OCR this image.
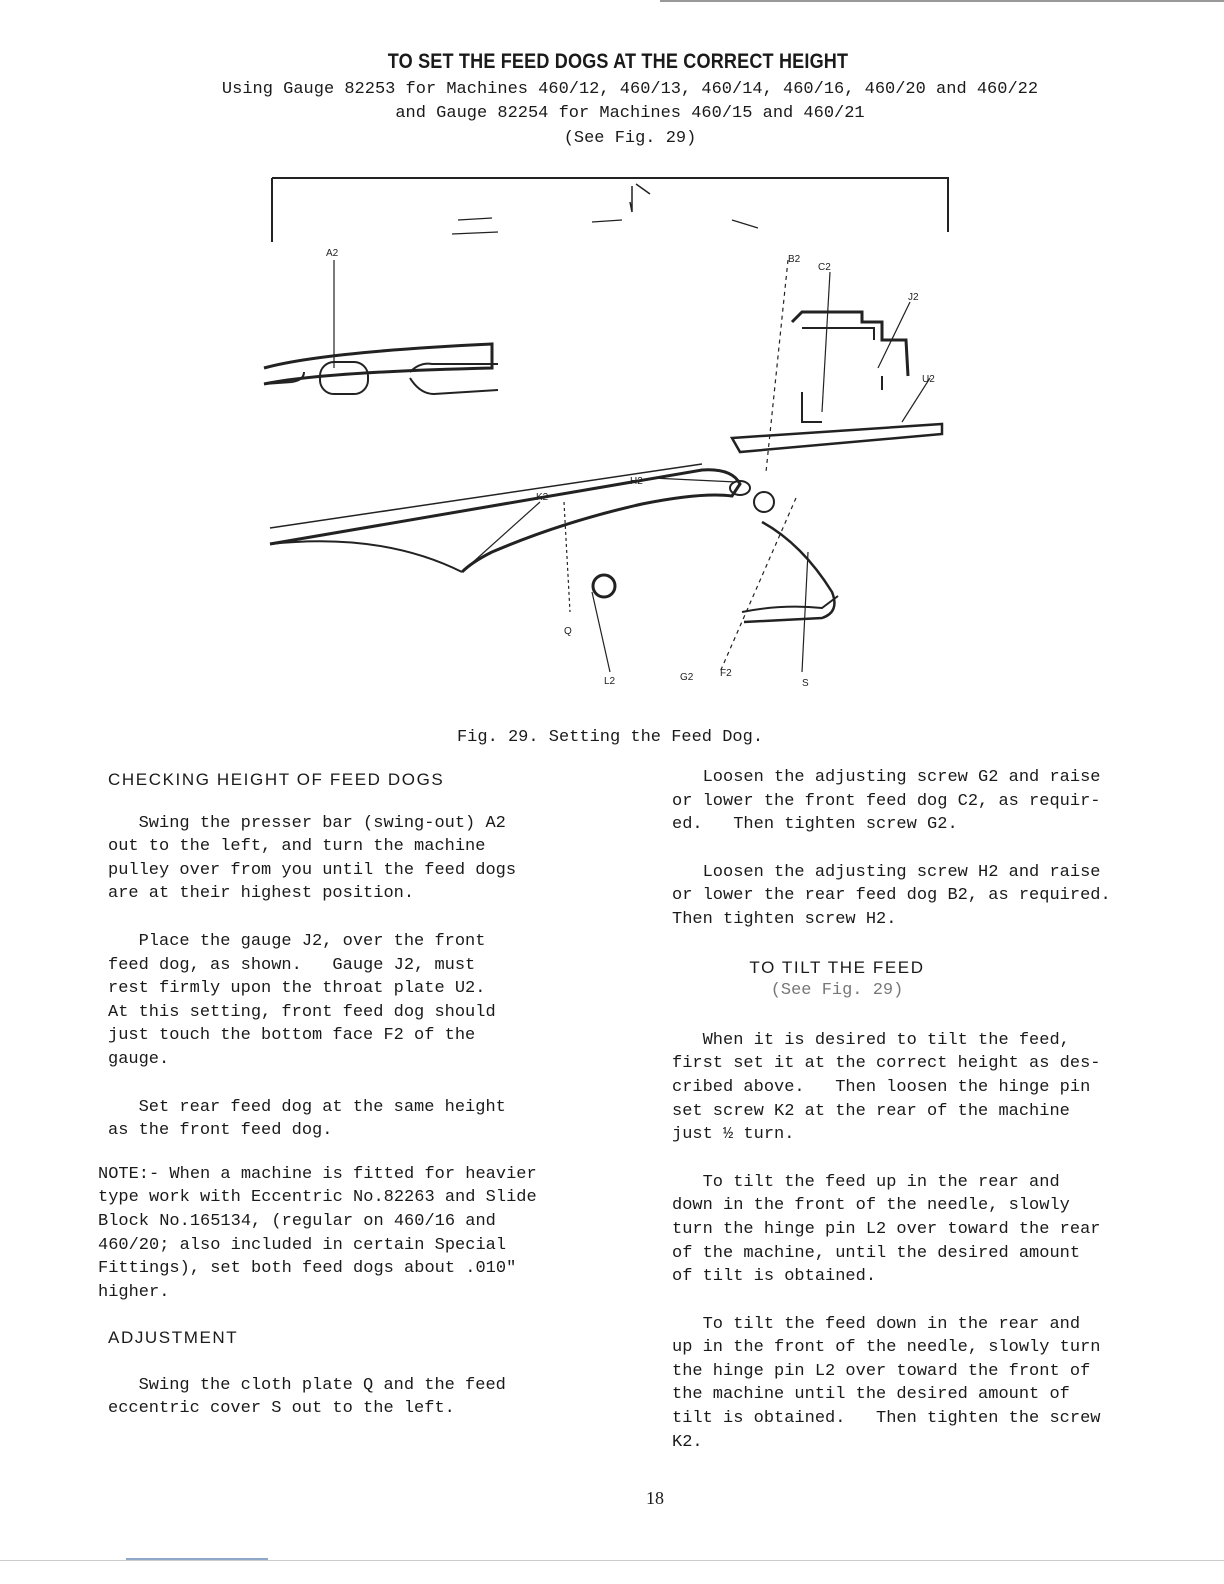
TO SET THE FEED DOGS AT THE CORRECT HEIGHT
Using Gauge 82253 for Machines 460/12, 460/13, 460/14, 460/16, 460/20 and 460/22
and Gauge 82254 for Machines 460/15 and 460/21
(See Fig. 29)
A2
B2
C2
J2
U2
H2
K2
Q
L2	G2	F2
S
Fig. 29. Setting the Feed Dog.

CHECKING HEIGHT OF FEED DOGS

Swing the presser bar (swing-out) A2

out to the left, and turn the machine

pulley over from you until the feed dogs

are at their highest position.

Place the gauge J2, over the front

feed dog, as shown.   Gauge J2, must

rest firmly upon the throat plate U2.

At this setting, front feed dog should

just touch the bottom face F2 of the

gauge.

Set rear feed dog at the same height

as the front feed dog.

NOTE:- When a machine is fitted for heavier

type work with Eccentric No.82263 and Slide

Block No.165134, (regular on 460/16 and

460/20; also included in certain Special

Fittings), set both feed dogs about .010"

higher.

ADJUSTMENT

Swing the cloth plate Q and the feed

eccentric cover S out to the left.

Loosen the adjusting screw G2 and raise

or lower the front feed dog C2, as requir-

ed.   Then tighten screw G2.

Loosen the adjusting screw H2 and raise

or lower the rear feed dog B2, as required.

Then tighten screw H2.

TO TILT THE FEED

(See Fig. 29)

When it is desired to tilt the feed,

first set it at the correct height as des-

cribed above.   Then loosen the hinge pin

set screw K2 at the rear of the machine

just ½ turn.

To tilt the feed up in the rear and

down in the front of the needle, slowly

turn the hinge pin L2 over toward the rear

of the machine, until the desired amount

of tilt is obtained.

To tilt the feed down in the rear and

up in the front of the needle, slowly turn

the hinge pin L2 over toward the front of

the machine until the desired amount of

tilt is obtained.   Then tighten the screw

K2.

18
